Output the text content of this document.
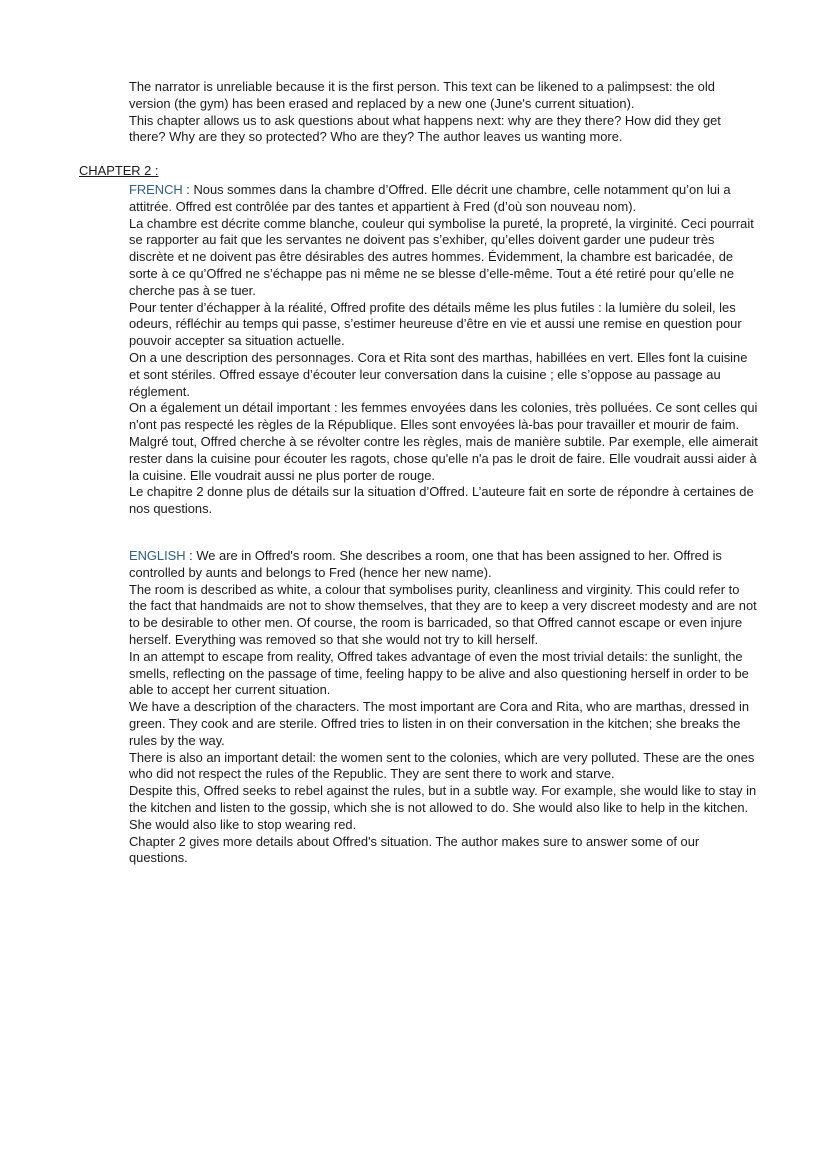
The narrator is unreliable because it is the first person. This text can be likened to a palimpsest: the old version (the gym) has been erased and replaced by a new one (June's current situation).

This chapter allows us to ask questions about what happens next: why are they there? How did they get there? Why are they so protected? Who are they? The author leaves us wanting more.

CHAPTER 2 :

FRENCH : Nous sommes dans la chambre d’Offred. Elle décrit une chambre, celle notamment qu’on lui a attitrée. Offred est contrôlée par des tantes et appartient à Fred (d’où son nouveau nom).

La chambre est décrite comme blanche, couleur qui symbolise la pureté, la propreté, la virginité. Ceci pourrait se rapporter au fait que les servantes ne doivent pas s’exhiber, qu’elles doivent garder une pudeur très discrète et ne doivent pas être désirables des autres hommes. Évidemment, la chambre est baricadée, de sorte à ce qu’Offred ne s’échappe pas ni même ne se blesse d’elle-même. Tout a été retiré pour qu’elle ne cherche pas à se tuer.

Pour tenter d’échapper à la réalité, Offred profite des détails même les plus futiles : la lumière du soleil, les odeurs, réfléchir au temps qui passe, s’estimer heureuse d’être en vie et aussi une remise en question pour pouvoir accepter sa situation actuelle.

On a une description des personnages. Cora et Rita sont des marthas, habillées en vert. Elles font la cuisine et sont stériles. Offred essaye d’écouter leur conversation dans la cuisine ; elle s’oppose au passage au réglement.

On a également un détail important : les femmes envoyées dans les colonies, très polluées. Ce sont celles qui n'ont pas respecté les règles de la République. Elles sont envoyées là-bas pour travailler et mourir de faim.

Malgré tout, Offred cherche à se révolter contre les règles, mais de manière subtile. Par exemple, elle aimerait rester dans la cuisine pour écouter les ragots, chose qu'elle n'a pas le droit de faire. Elle voudrait aussi aider à la cuisine. Elle voudrait aussi ne plus porter de rouge.

Le chapitre 2 donne plus de détails sur la situation d’Offred. L’auteure fait en sorte de répondre à certaines de nos questions.

ENGLISH : We are in Offred's room. She describes a room, one that has been assigned to her. Offred is controlled by aunts and belongs to Fred (hence her new name).

The room is described as white, a colour that symbolises purity, cleanliness and virginity. This could refer to the fact that handmaids are not to show themselves, that they are to keep a very discreet modesty and are not to be desirable to other men. Of course, the room is barricaded, so that Offred cannot escape or even injure herself. Everything was removed so that she would not try to kill herself.

In an attempt to escape from reality, Offred takes advantage of even the most trivial details: the sunlight, the smells, reflecting on the passage of time, feeling happy to be alive and also questioning herself in order to be able to accept her current situation.

We have a description of the characters. The most important are Cora and Rita, who are marthas, dressed in green. They cook and are sterile. Offred tries to listen in on their conversation in the kitchen; she breaks the rules by the way.

There is also an important detail: the women sent to the colonies, which are very polluted. These are the ones who did not respect the rules of the Republic. They are sent there to work and starve.

Despite this, Offred seeks to rebel against the rules, but in a subtle way. For example, she would like to stay in the kitchen and listen to the gossip, which she is not allowed to do. She would also like to help in the kitchen. She would also like to stop wearing red.

Chapter 2 gives more details about Offred's situation. The author makes sure to answer some of our questions.
